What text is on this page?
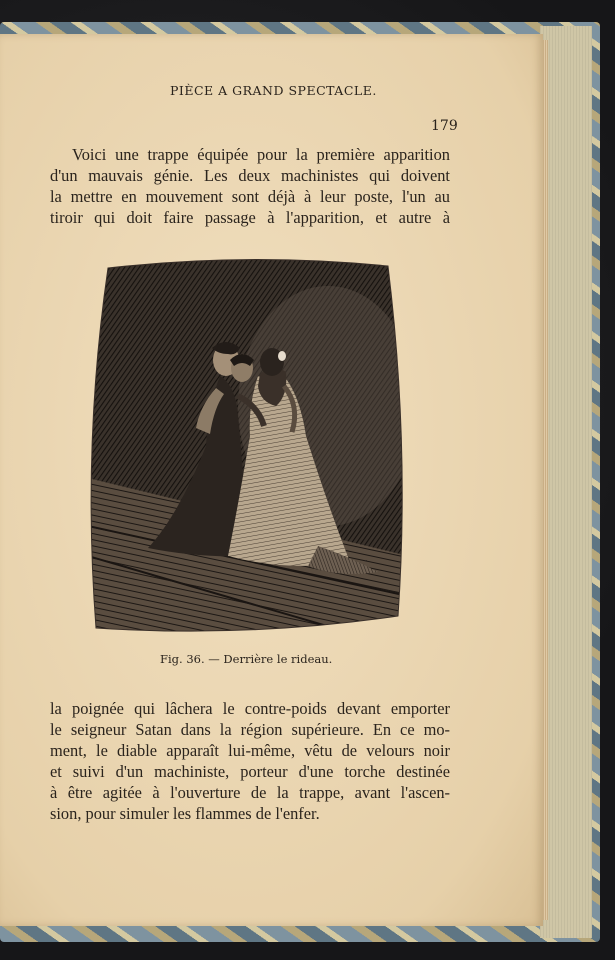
PIÈCE A GRAND SPECTACLE.
179
Voici une trappe équipée pour la première apparition
d'un mauvais génie. Les deux machinistes qui doivent
la mettre en mouvement sont déjà à leur poste, l'un au
tiroir qui doit faire passage à l'apparition, et autre à
Fig. 36. — Derrière le rideau.
la poignée qui lâchera le contre-poids devant emporter
le seigneur Satan dans la région supérieure. En ce mo-
ment, le diable apparaît lui-même, vêtu de velours noir
et suivi d'un machiniste, porteur d'une torche destinée
à être agitée à l'ouverture de la trappe, avant l'ascen-
sion, pour simuler les flammes de l'enfer.
